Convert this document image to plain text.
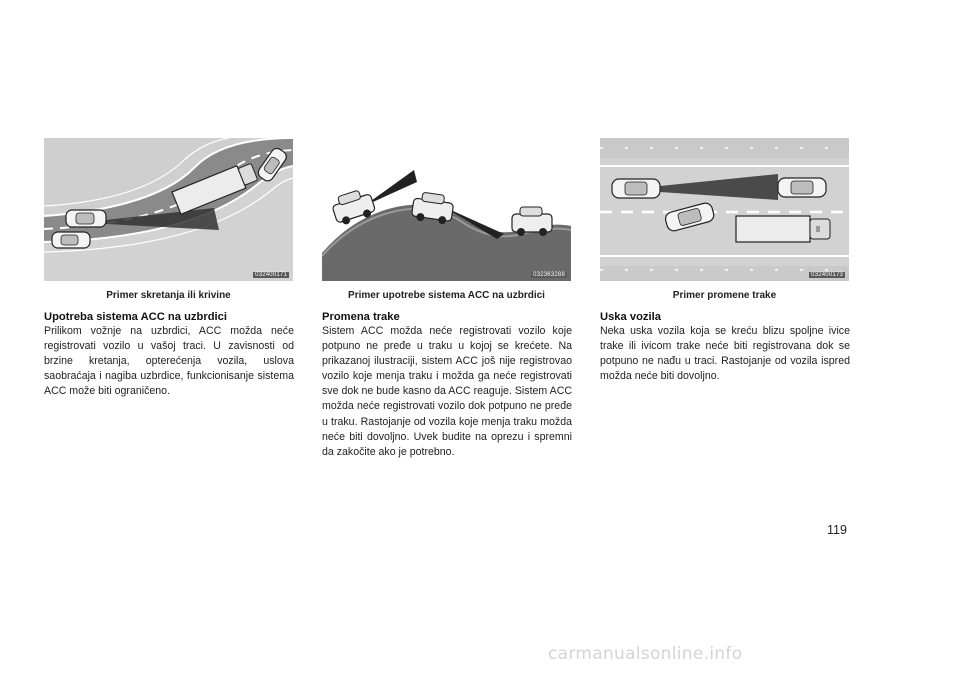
032400171
Primer skretanja ili krivine
032363288
Primer upotrebe sistema ACC na uzbrdici
032400173
Primer promene trake
Upotreba sistema ACC na uzbrdici

Prilikom vožnje na uzbrdici, ACC možda neće registrovati vozilo u vašoj traci. U zavisnosti od brzine kretanja, opterećenja vozila, uslova saobraćaja i nagiba uzbrdice, funkcionisanje sistema ACC može biti ograničeno.

Promena trake

Sistem ACC možda neće registrovati vozilo koje potpuno ne pređe u traku u kojoj se krećete. Na prikazanoj ilustraciji, sistem ACC još nije registrovao vozilo koje menja traku i možda ga neće registrovati sve dok ne bude kasno da ACC reaguje. Sistem ACC možda neće registrovati vozilo dok potpuno ne pređe u traku. Rastojanje od vozila koje menja traku možda neće biti dovoljno. Uvek budite na oprezu i spremni da zakočite ako je potrebno.

Uska vozila

Neka uska vozila koja se kreću blizu spoljne ivice trake ili ivicom trake neće biti registrovana dok se potpuno ne nađu u traci. Rastojanje od vozila ispred možda neće biti dovoljno.

119
carmanualsonline.info
